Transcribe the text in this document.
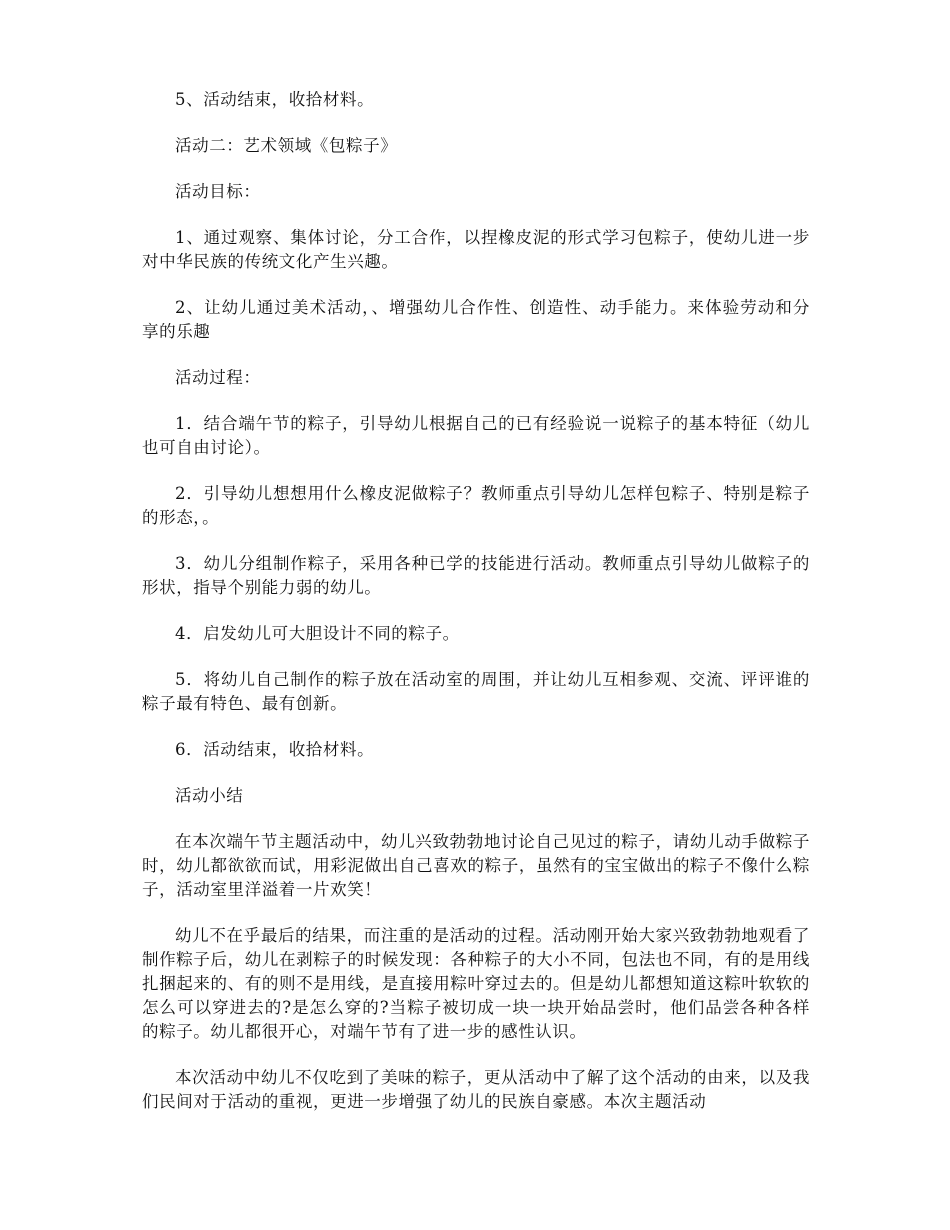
5、活动结束，收拾材料。

活动二：艺术领域《包粽子》

活动目标：

1、通过观察、集体讨论，分工合作，以捏橡皮泥的形式学习包粽子，使幼儿进一步对中华民族的传统文化产生兴趣。

2、让幼儿通过美术活动，、增强幼儿合作性、创造性、动手能力。来体验劳动和分享的乐趣

活动过程：

1．结合端午节的粽子，引导幼儿根据自己的已有经验说一说粽子的基本特征（幼儿也可自由讨论）。

2．引导幼儿想想用什么橡皮泥做粽子？教师重点引导幼儿怎样包粽子、特别是粽子的形态，。

3．幼儿分组制作粽子，采用各种已学的技能进行活动。教师重点引导幼儿做粽子的形状，指导个别能力弱的幼儿。

4．启发幼儿可大胆设计不同的粽子。

5．将幼儿自己制作的粽子放在活动室的周围，并让幼儿互相参观、交流、评评谁的粽子最有特色、最有创新。

6．活动结束，收拾材料。

活动小结

在本次端午节主题活动中，幼儿兴致勃勃地讨论自己见过的粽子，请幼儿动手做粽子时，幼儿都欲欲而试，用彩泥做出自己喜欢的粽子，虽然有的宝宝做出的粽子不像什么粽子，活动室里洋溢着一片欢笑！

幼儿不在乎最后的结果，而注重的是活动的过程。活动刚开始大家兴致勃勃地观看了制作粽子后，幼儿在剥粽子的时候发现：各种粽子的大小不同，包法也不同，有的是用线扎捆起来的、有的则不是用线，是直接用粽叶穿过去的。但是幼儿都想知道这粽叶软软的怎么可以穿进去的?是怎么穿的?当粽子被切成一块一块开始品尝时，他们品尝各种各样的粽子。幼儿都很开心，对端午节有了进一步的感性认识。

本次活动中幼儿不仅吃到了美味的粽子，更从活动中了解了这个活动的由来，以及我们民间对于活动的重视，更进一步增强了幼儿的民族自豪感。本次主题活动
